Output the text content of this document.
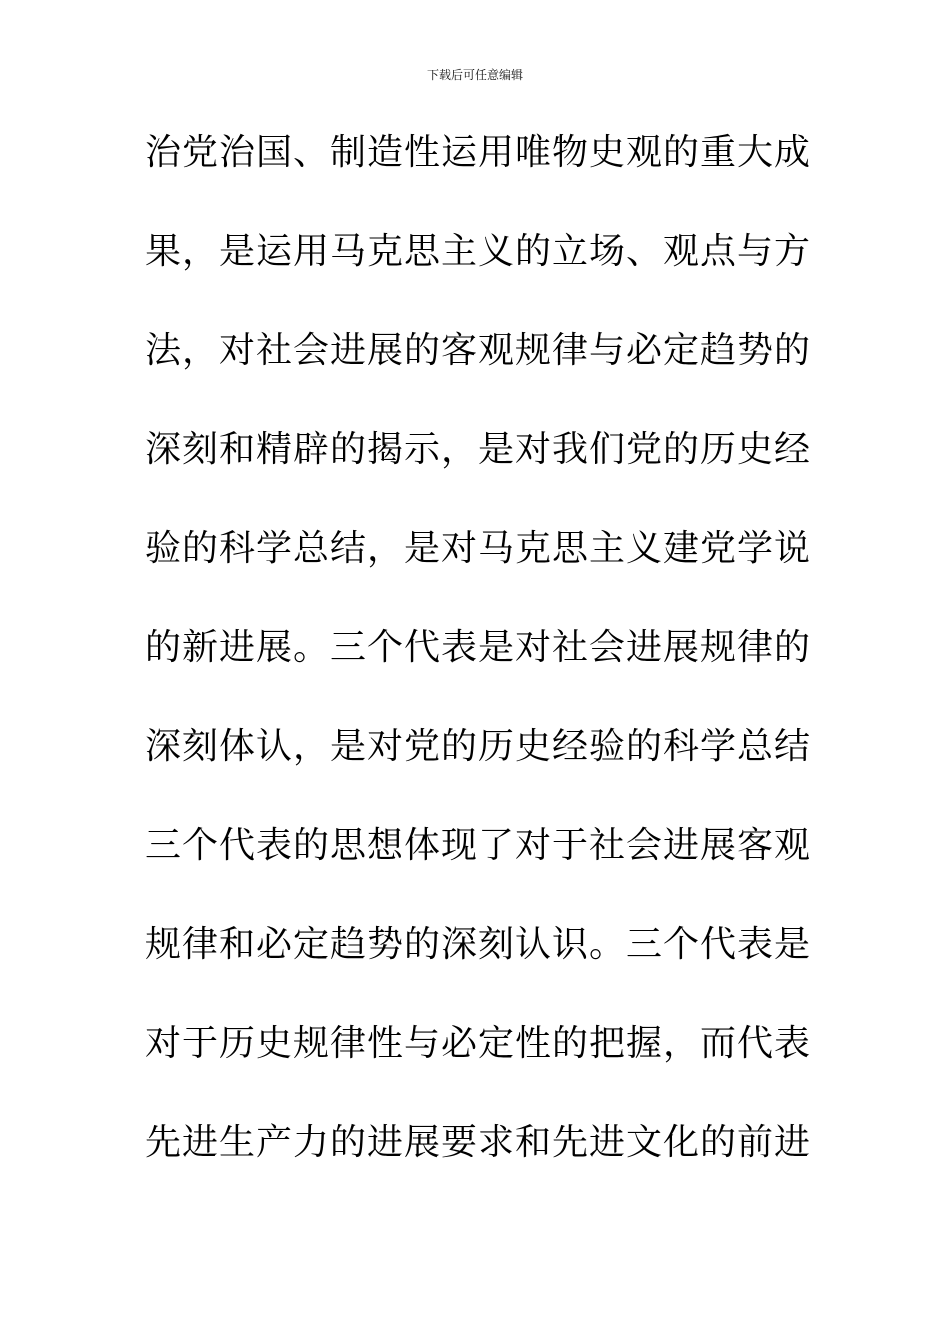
下载后可任意编辑
治党治国、制造性运用唯物史观的重大成
果，是运用马克思主义的立场、观点与方
法，对社会进展的客观规律与必定趋势的
深刻和精辟的揭示，是对我们党的历史经
验的科学总结，是对马克思主义建党学说
的新进展。三个代表是对社会进展规律的
深刻体认，是对党的历史经验的科学总结
三个代表的思想体现了对于社会进展客观
规律和必定趋势的深刻认识。三个代表是
对于历史规律性与必定性的把握，而代表
先进生产力的进展要求和先进文化的前进
